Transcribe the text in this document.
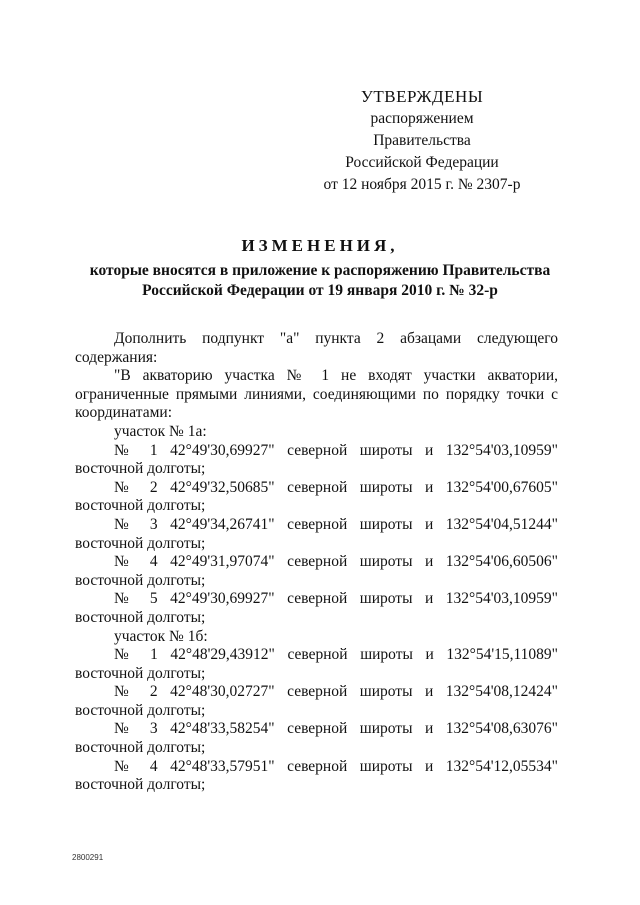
УТВЕРЖДЕНЫ
распоряжением Правительства
Российской Федерации
от 12 ноября 2015 г. № 2307-р
ИЗМЕНЕНИЯ,
которые вносятся в приложение к распоряжению Правительства
Российской Федерации от 19 января 2010 г. № 32-р

Дополнить подпункт "а" пункта 2 абзацами следующего содержания:

"В акваторию участка № 1 не входят участки акватории, ограниченные прямыми линиями, соединяющими по порядку точки с координатами:

участок № 1а:

№ 1 42°49'30,69927" северной широты и 132°54'03,10959" восточной долготы;

№ 2 42°49'32,50685" северной широты и 132°54'00,67605" восточной долготы;

№ 3 42°49'34,26741" северной широты и 132°54'04,51244" восточной долготы;

№ 4 42°49'31,97074" северной широты и 132°54'06,60506" восточной долготы;

№ 5 42°49'30,69927" северной широты и 132°54'03,10959" восточной долготы;

участок № 1б:

№ 1 42°48'29,43912" северной широты и 132°54'15,11089" восточной долготы;

№ 2 42°48'30,02727" северной широты и 132°54'08,12424" восточной долготы;

№ 3 42°48'33,58254" северной широты и 132°54'08,63076" восточной долготы;

№ 4 42°48'33,57951" северной широты и 132°54'12,05534" восточной долготы;

2800291
